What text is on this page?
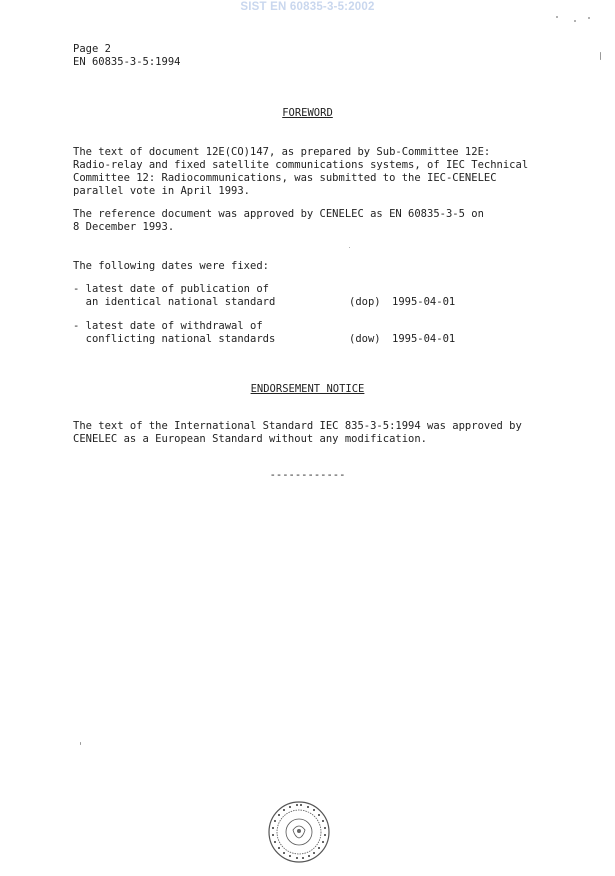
SIST EN 60835-3-5:2002
Page 2
EN 60835-3-5:1994
FOREWORD
The text of document 12E(CO)147, as prepared by Sub-Committee 12E:
Radio-relay and fixed satellite communications systems, of IEC Technical
Committee 12: Radiocommunications, was submitted to the IEC-CENELEC
parallel vote in April 1993.
The reference document was approved by CENELEC as EN 60835-3-5 on
8 December 1993.
The following dates were fixed:
- latest date of publication of
an identical national standard	(dop) 1995-04-01
- latest date of withdrawal of
conflicting national standards	(dow) 1995-04-01
ENDORSEMENT NOTICE
The text of the International Standard IEC 835-3-5:1994 was approved by
CENELEC as a European Standard without any modification.
------------
